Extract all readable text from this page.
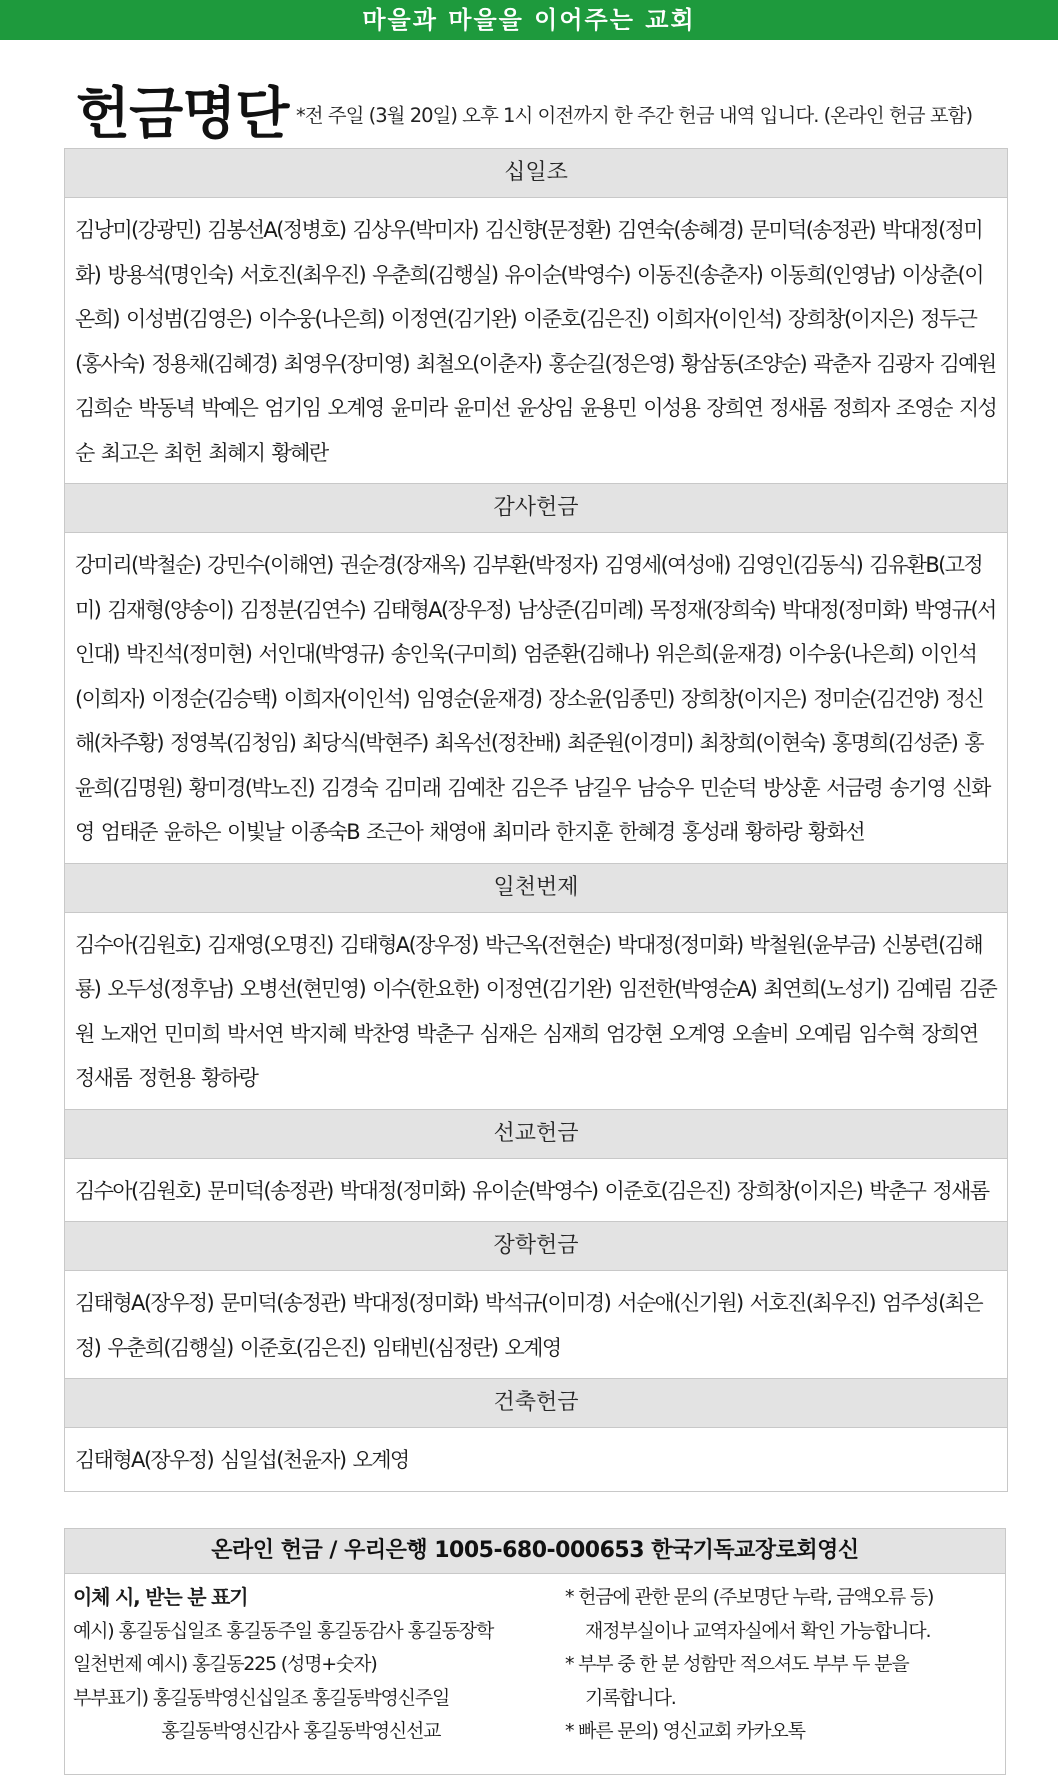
마을과 마을을 이어주는 교회
헌금명단 *전 주일 (3월 20일) 오후 1시 이전까지 한 주간 헌금 내역 입니다. (온라인 헌금 포함)
십일조
김낭미(강광민) 김봉선A(정병호) 김상우(박미자) 김신향(문정환) 김연숙(송혜경) 문미덕(송정관) 박대정(정미화) 방용석(명인숙) 서호진(최우진) 우춘희(김행실) 유이순(박영수) 이동진(송춘자) 이동희(인영남) 이상춘(이온희) 이성범(김영은) 이수웅(나은희) 이정연(김기완) 이준호(김은진) 이희자(이인석) 장희창(이지은) 정두근(홍사숙) 정용채(김혜경) 최영우(장미영) 최철오(이춘자) 홍순길(정은영) 황삼동(조양순) 곽춘자 김광자 김예원 김희순 박동녁 박예은 엄기임 오계영 윤미라 윤미선 윤상임 윤용민 이성용 장희연 정새롬 정희자 조영순 지성순 최고은 최헌 최혜지 황혜란
감사헌금
강미리(박철순) 강민수(이해연) 권순경(장재옥) 김부환(박정자) 김영세(여성애) 김영인(김동식) 김유환B(고정미) 김재형(양송이) 김정분(김연수) 김태형A(장우정) 남상준(김미례) 목정재(장희숙) 박대정(정미화) 박영규(서인대) 박진석(정미현) 서인대(박영규) 송인욱(구미희) 엄준환(김해나) 위은희(윤재경) 이수웅(나은희) 이인석(이희자) 이정순(김승택) 이희자(이인석) 임영순(윤재경) 장소윤(임종민) 장희창(이지은) 정미순(김건양) 정신해(차주황) 정영복(김청임) 최당식(박현주) 최옥선(정찬배) 최준원(이경미) 최창희(이현숙) 홍명희(김성준) 홍윤희(김명원) 황미경(박노진) 김경숙 김미래 김예찬 김은주 남길우 남승우 민순덕 방상훈 서금령 송기영 신화영 엄태준 윤하은 이빛날 이종숙B 조근아 채영애 최미라 한지훈 한혜경 홍성래 황하랑 황화선
일천번제
김수아(김원호) 김재영(오명진) 김태형A(장우정) 박근옥(전현순) 박대정(정미화) 박철원(윤부금) 신봉련(김해룡) 오두성(정후남) 오병선(현민영) 이수(한요한) 이정연(김기완) 임전한(박영순A) 최연희(노성기) 김예림 김준원 노재언 민미희 박서연 박지혜 박찬영 박춘구 심재은 심재희 엄강현 오계영 오솔비 오예림 임수혁 장희연 정새롬 정헌용 황하랑
선교헌금
김수아(김원호) 문미덕(송정관) 박대정(정미화) 유이순(박영수) 이준호(김은진) 장희창(이지은) 박춘구 정새롬
장학헌금
김태형A(장우정) 문미덕(송정관) 박대정(정미화) 박석규(이미경) 서순애(신기원) 서호진(최우진) 엄주성(최은정) 우춘희(김행실) 이준호(김은진) 임태빈(심정란) 오계영
건축헌금
김태형A(장우정) 심일섭(천윤자) 오계영
온라인 헌금 / 우리은행 1005-680-000653 한국기독교장로회영신
이체 시, 받는 분 표기
예시) 홍길동십일조 홍길동주일 홍길동감사 홍길동장학
일천번제 예시) 홍길동225 (성명+숫자)
부부표기) 홍길동박영신십일조 홍길동박영신주일
홍길동박영신감사 홍길동박영신선교
* 헌금에 관한 문의 (주보명단 누락, 금액오류 등)
재정부실이나 교역자실에서 확인 가능합니다.
* 부부 중 한 분 성함만 적으셔도 부부 두 분을
기록합니다.
* 빠른 문의) 영신교회 카카오톡
